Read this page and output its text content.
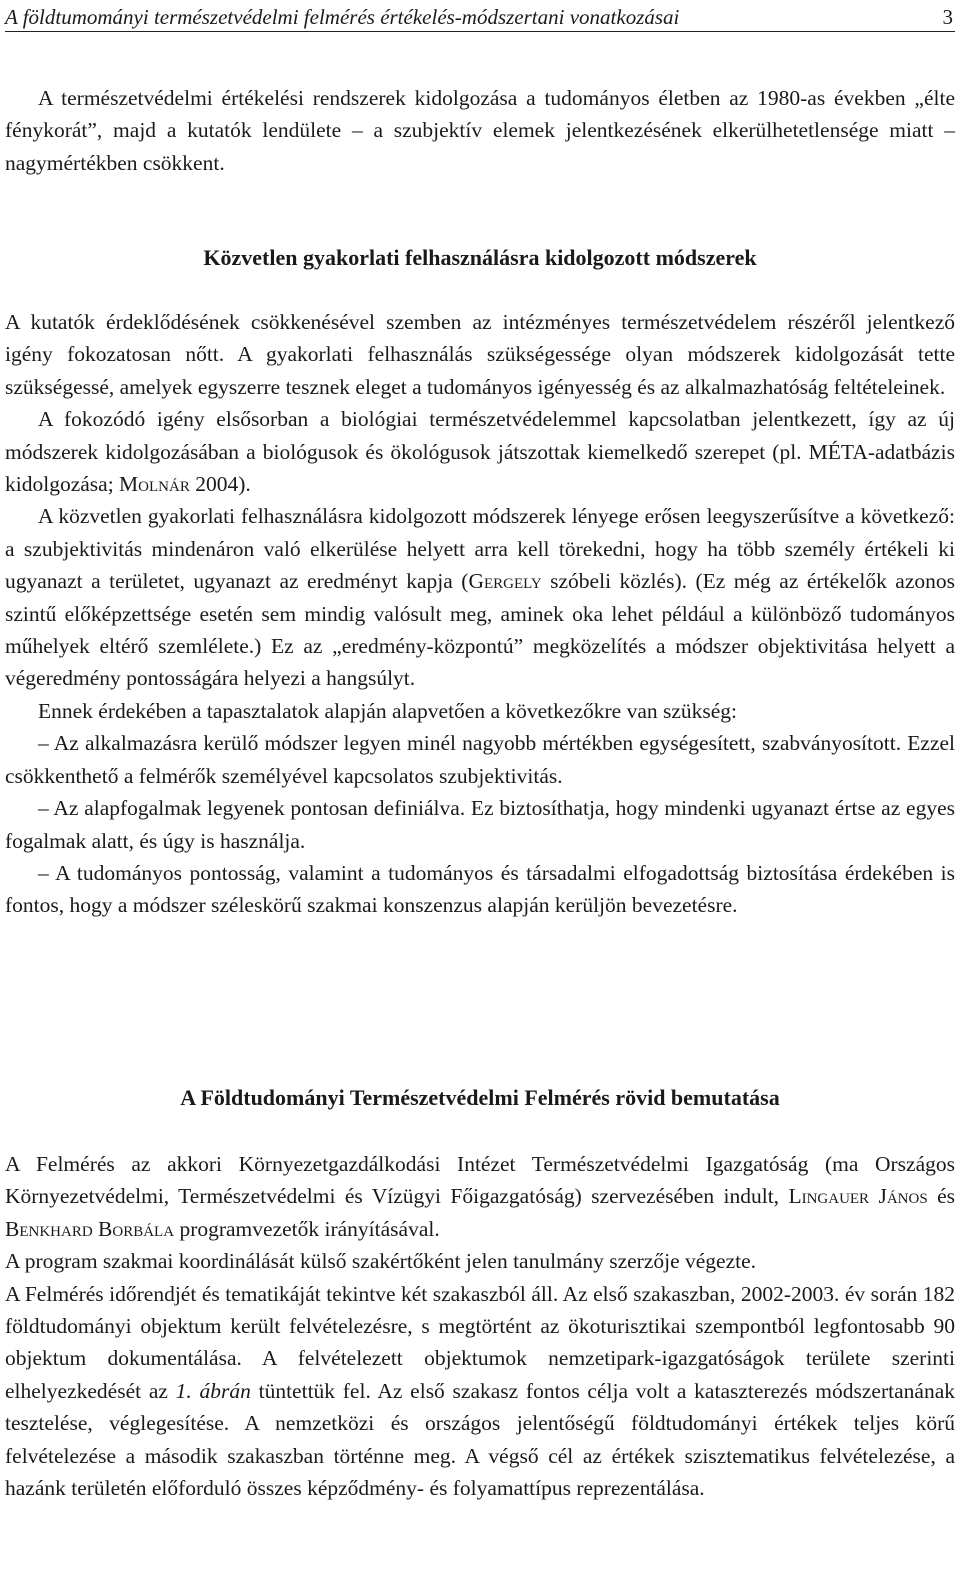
A földtumományi természetvédelmi felmérés értékelés-módszertani vonatkozásai	3

A természetvédelmi értékelési rendszerek kidolgozása a tudományos életben az 1980-as években „élte fénykorát”, majd a kutatók lendülete – a szubjektív elemek jelentkezésének elkerülhetetlensége miatt – nagymértékben csökkent.

Közvetlen gyakorlati felhasználásra kidolgozott módszerek

A kutatók érdeklődésének csökkenésével szemben az intézményes természetvédelem részéről jelentkező igény fokozatosan nőtt. A gyakorlati felhasználás szükségessége olyan módszerek kidolgozását tette szükségessé, amelyek egyszerre tesznek eleget a tudományos igényesség és az alkalmazhatóság feltételeinek.

A fokozódó igény elsősorban a biológiai természetvédelemmel kapcsolatban jelentkezett, így az új módszerek kidolgozásában a biológusok és ökológusok játszottak kiemelkedő szerepet (pl. MÉTA-adatbázis kidolgozása; Molnár 2004).

A közvetlen gyakorlati felhasználásra kidolgozott módszerek lényege erősen leegyszerűsítve a következő: a szubjektivitás mindenáron való elkerülése helyett arra kell törekedni, hogy ha több személy értékeli ki ugyanazt a területet, ugyanazt az eredményt kapja (Gergely szóbeli közlés). (Ez még az értékelők azonos szintű előképzettsége esetén sem mindig valósult meg, aminek oka lehet például a különböző tudományos műhelyek eltérő szemlélete.) Ez az „eredmény-központú” megközelítés a módszer objektivitása helyett a végeredmény pontosságára helyezi a hangsúlyt.

Ennek érdekében a tapasztalatok alapján alapvetően a következőkre van szükség:

– Az alkalmazásra kerülő módszer legyen minél nagyobb mértékben egységesített, szabványosított. Ezzel csökkenthető a felmérők személyével kapcsolatos szubjektivitás.

– Az alapfogalmak legyenek pontosan definiálva. Ez biztosíthatja, hogy mindenki ugyanazt értse az egyes fogalmak alatt, és úgy is használja.

– A tudományos pontosság, valamint a tudományos és társadalmi elfogadottság biztosítása érdekében is fontos, hogy a módszer széleskörű szakmai konszenzus alapján kerüljön bevezetésre.

A Földtudományi Természetvédelmi Felmérés rövid bemutatása

A Felmérés az akkori Környezetgazdálkodási Intézet Természetvédelmi Igazgatóság (ma Országos Környezetvédelmi, Természetvédelmi és Vízügyi Főigazgatóság) szervezésében indult, Lingauer János és Benkhard Borbála programvezetők irányításával.

A program szakmai koordinálását külső szakértőként jelen tanulmány szerzője végezte.

A Felmérés időrendjét és tematikáját tekintve két szakaszból áll. Az első szakaszban, 2002-2003. év során 182 földtudományi objektum került felvételezésre, s megtörtént az ökoturisztikai szempontból legfontosabb 90 objektum dokumentálása. A felvételezett objektumok nemzetipark-igazgatóságok területe szerinti elhelyezkedését az 1. ábrán tüntettük fel. Az első szakasz fontos célja volt a kataszterezés módszertanának tesztelése, véglegesítése. A nemzetközi és országos jelentőségű földtudományi értékek teljes körű felvételezése a második szakaszban történne meg. A végső cél az értékek szisztematikus felvételezése, a hazánk területén előforduló összes képződmény- és folyamattípus reprezentálása.
